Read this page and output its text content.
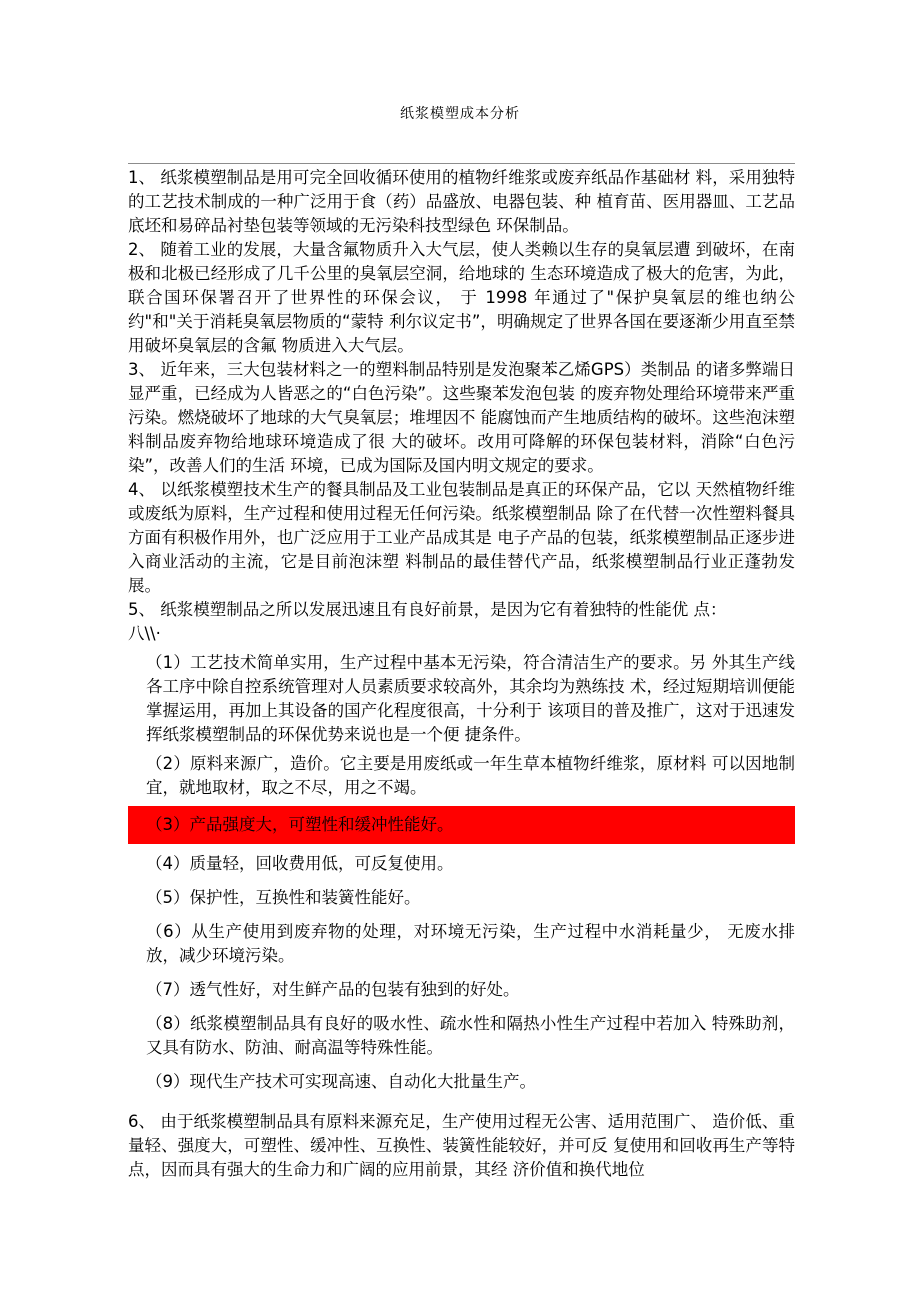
纸浆模塑成本分析

1、 纸浆模塑制品是用可完全回收循环使用的植物纤维浆或废弃纸品作基础材 料，采用独特的工艺技术制成的一种广泛用于食（药）品盛放、电器包装、种 植育苗、医用器皿、工艺品底坯和易碎品衬垫包装等领域的无污染科技型绿色 环保制品。

2、 随着工业的发展，大量含氟物质升入大气层，使人类赖以生存的臭氧层遭 到破坏，在南极和北极已经形成了几千公里的臭氧层空洞，给地球的 生态环境造成了极大的危害，为此，联合国环保署召开了世界性的环保会议， 于 1998 年通过了"保护臭氧层的维也纳公约"和"关于消耗臭氧层物质的“蒙特 利尔议定书”，明确规定了世界各国在要逐渐少用直至禁用破坏臭氧层的含氟 物质进入大气层。

3、 近年来，三大包装材料之一的塑料制品特别是发泡聚苯乙烯GPS）类制品 的诸多弊端日显严重，已经成为人皆恶之的“白色污染”。这些聚苯发泡包装 的废弃物处理给环境带来严重污染。燃烧破坏了地球的大气臭氧层；堆埋因不 能腐蚀而产生地质结构的破坏。这些泡沫塑料制品废弃物给地球环境造成了很 大的破坏。改用可降解的环保包装材料，消除“白色污染”，改善人们的生活 环境，已成为国际及国内明文规定的要求。

4、 以纸浆模塑技术生产的餐具制品及工业包装制品是真正的环保产品，它以 天然植物纤维或废纸为原料，生产过程和使用过程无任何污染。纸浆模塑制品 除了在代替一次性塑料餐具方面有积极作用外，也广泛应用于工业产品成其是 电子产品的包装，纸浆模塑制品正逐步进入商业活动的主流，它是目前泡沫塑 料制品的最佳替代产品，纸浆模塑制品行业正蓬勃发展。

5、 纸浆模塑制品之所以发展迅速且有良好前景，是因为它有着独特的性能优 点：

八\\·

（1）工艺技术简单实用，生产过程中基本无污染，符合清洁生产的要求。另 外其生产线各工序中除自控系统管理对人员素质要求较高外，其余均为熟练技 术，经过短期培训便能掌握运用，再加上其设备的国产化程度很高，十分利于 该项目的普及推广，这对于迅速发挥纸浆模塑制品的环保优势来说也是一个便 捷条件。

（2）原料来源广，造价。它主要是用废纸或一年生草本植物纤维浆，原材料 可以因地制宜，就地取材，取之不尽，用之不竭。

（3）产品强度大，可塑性和缓冲性能好。

（4）质量轻，回收费用低，可反复使用。

（5）保护性，互换性和装簧性能好。

（6）从生产使用到废弃物的处理，对环境无污染，生产过程中水消耗量少， 无废水排放，减少环境污染。

（7）透气性好，对生鲜产品的包装有独到的好处。

（8）纸浆模塑制品具有良好的吸水性、疏水性和隔热小性生产过程中若加入 特殊助剂，又具有防水、防油、耐高温等特殊性能。

（9）现代生产技术可实现高速、自动化大批量生产。

6、 由于纸浆模塑制品具有原料来源充足，生产使用过程无公害、适用范围广、 造价低、重量轻、强度大，可塑性、缓冲性、互换性、装簧性能较好，并可反 复使用和回收再生产等特点，因而具有强大的生命力和广阔的应用前景，其经 济价值和换代地位
